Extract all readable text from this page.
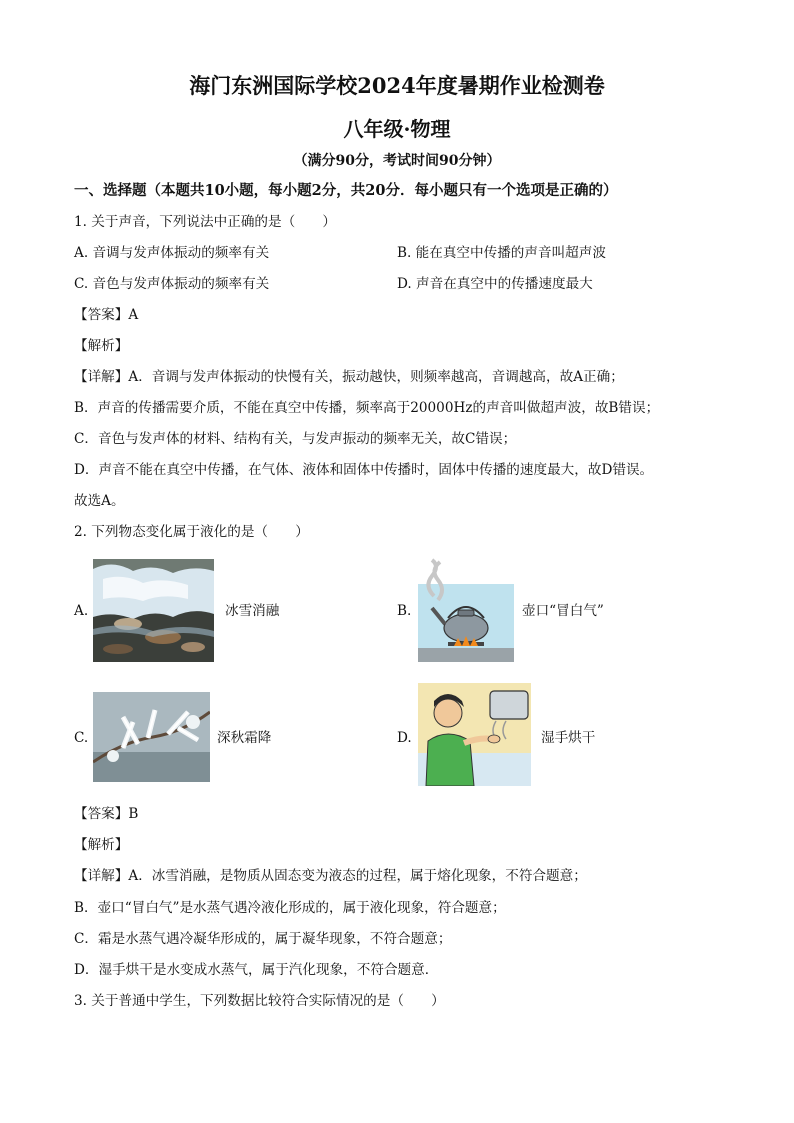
海门东洲国际学校2024年度暑期作业检测卷
八年级·物理
（满分90分，考试时间90分钟）
一、选择题（本题共10小题，每小题2分，共20分．每小题只有一个选项是正确的）
1. 关于声音，下列说法中正确的是（　　）
A. 音调与发声体振动的频率有关	B. 能在真空中传播的声音叫超声波
C. 音色与发声体振动的频率有关	D. 声音在真空中的传播速度最大
【答案】A
【解析】
【详解】A．音调与发声体振动的快慢有关，振动越快，则频率越高，音调越高，故A正确；
B．声音的传播需要介质，不能在真空中传播，频率高于20000Hz的声音叫做超声波，故B错误；
C．音色与发声体的材料、结构有关，与发声振动的频率无关，故C错误；
D．声音不能在真空中传播，在气体、液体和固体中传播时，固体中传播的速度最大，故D错误。
故选A。
2. 下列物态变化属于液化的是（　　）
A.	冰雪消融	B.	壶口“冒白气”
C.	深秋霜降	D.	湿手烘干
【答案】B
【解析】
【详解】A．冰雪消融，是物质从固态变为液态的过程，属于熔化现象，不符合题意；
B．壶口“冒白气”是水蒸气遇冷液化形成的，属于液化现象，符合题意；
C．霜是水蒸气遇冷凝华形成的，属于凝华现象，不符合题意；
D．湿手烘干是水变成水蒸气，属于汽化现象，不符合题意．
3. 关于普通中学生，下列数据比较符合实际情况的是（　　）
